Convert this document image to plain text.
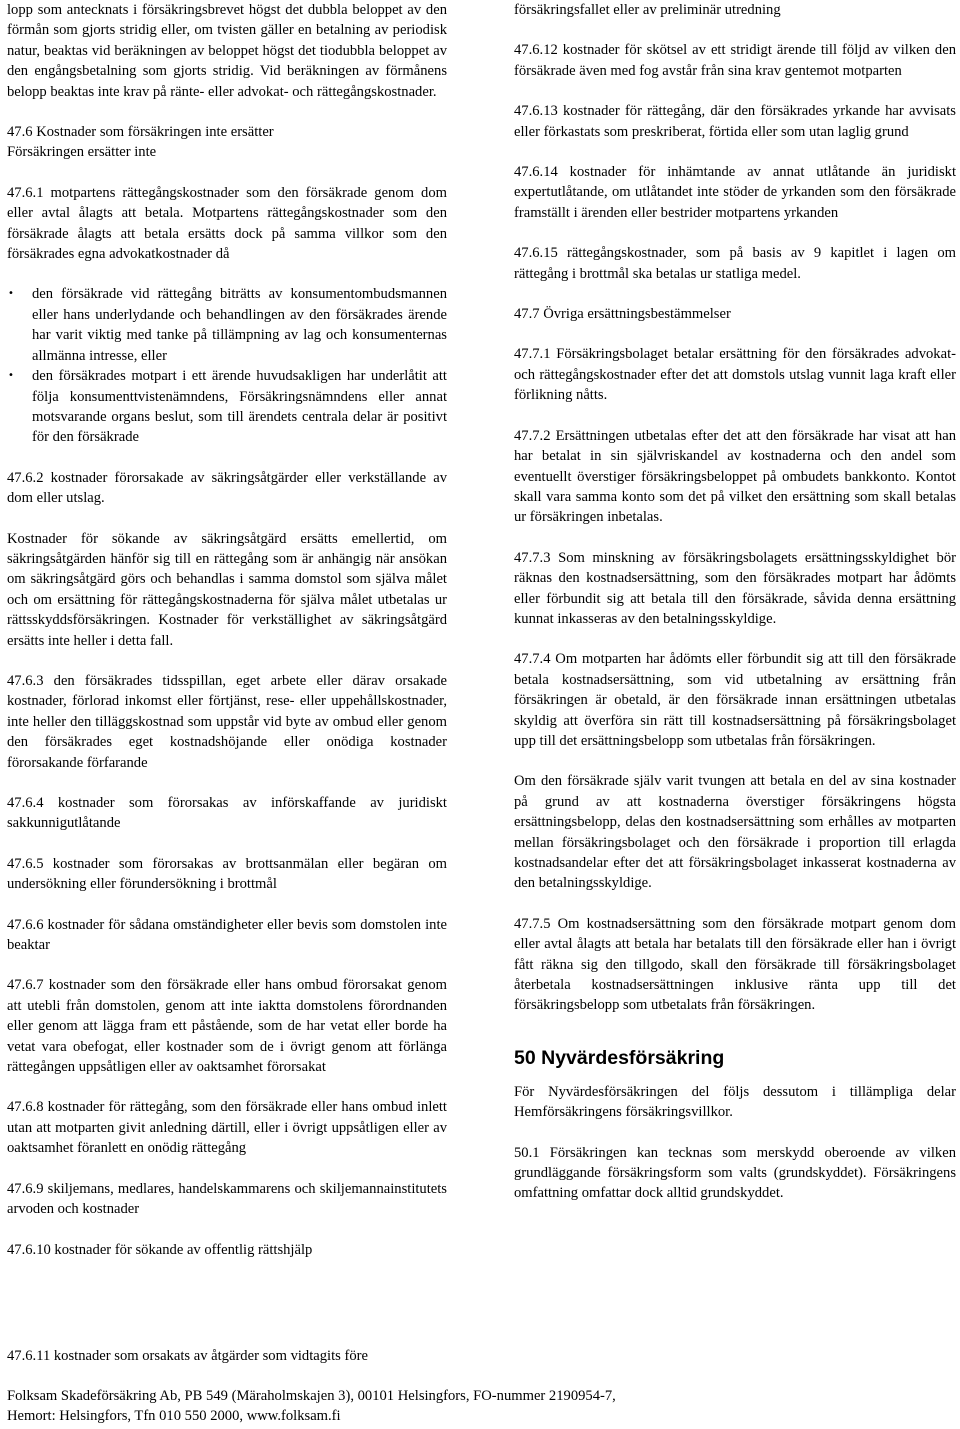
lopp som antecknats i försäkringsbrevet högst det dubbla beloppet av den förmån som gjorts stridig eller, om tvisten gäller en betalning av periodisk natur, beaktas vid beräkningen av beloppet högst det tiodubbla beloppet av den engångsbetalning som gjorts stridig. Vid beräkningen av förmånens belopp beaktas inte krav på ränte- eller advokat- och rättegångskostnader.

47.6 Kostnader som försäkringen inte ersätter

Försäkringen ersätter inte

47.6.1 motpartens rättegångskostnader som den försäkrade genom dom eller avtal ålagts att betala. Motpartens rättegångskostnader som den försäkrade ålagts att betala ersätts dock på samma villkor som den försäkrades egna advokatkostnader då

• den försäkrade vid rättegång biträtts av konsumentombudsmannen eller hans underlydande och behandlingen av den försäkrades ärende har varit viktig med tanke på tillämpning av lag och konsumenternas allmänna intresse, eller
• den försäkrades motpart i ett ärende huvudsakligen har underlåtit att följa konsumenttvistenämndens, Försäkringsnämndens eller annat motsvarande organs beslut, som till ärendets centrala delar är positivt för den försäkrade

47.6.2 kostnader förorsakade av säkringsåtgärder eller verkställande av dom eller utslag.

Kostnader för sökande av säkringsåtgärd ersätts emellertid, om säkringsåtgärden hänför sig till en rättegång som är anhängig när ansökan om säkringsåtgärd görs och behandlas i samma domstol som själva målet och om ersättning för rättegångskostnaderna för själva målet utbetalas ur rättsskyddsförsäkringen. Kostnader för verkställighet av säkringsåtgärd ersätts inte heller i detta fall.

47.6.3 den försäkrades tidsspillan, eget arbete eller därav orsakade kostnader, förlorad inkomst eller förtjänst, rese- eller uppehållskostnader, inte heller den tilläggskostnad som uppstår vid byte av ombud eller genom den försäkrades eget kostnadshöjande eller onödiga kostnader förorsakande förfarande

47.6.4 kostnader som förorsakas av införskaffande av juridiskt sakkunnigutlåtande

47.6.5 kostnader som förorsakas av brottsanmälan eller begäran om undersökning eller förundersökning i brottmål

47.6.6 kostnader för sådana omständigheter eller bevis som domstolen inte beaktar

47.6.7 kostnader som den försäkrade eller hans ombud förorsakat genom att utebli från domstolen, genom att inte iaktta domstolens förordnanden eller genom att lägga fram ett påstående, som de har vetat eller borde ha vetat vara obefogat, eller kostnader som de i övrigt genom att förlänga rättegången uppsåtligen eller av oaktsamhet förorsakat

47.6.8 kostnader för rättegång, som den försäkrade eller hans ombud inlett utan att motparten givit anledning därtill, eller i övrigt uppsåtligen eller av oaktsamhet föranlett en onödig rättegång

47.6.9 skiljemans, medlares, handelskammarens och skiljemannainstitutets arvoden och kostnader

47.6.10 kostnader för sökande av offentlig rättshjälp

47.6.11 kostnader som orsakats av åtgärder som vidtagits före

försäkringsfallet eller av preliminär utredning

47.6.12 kostnader för skötsel av ett stridigt ärende till följd av vilken den försäkrade även med fog avstår från sina krav gentemot motparten

47.6.13 kostnader för rättegång, där den försäkrades yrkande har avvisats eller förkastats som preskriberat, förtida eller som utan laglig grund

47.6.14 kostnader för inhämtande av annat utlåtande än juridiskt expertutlåtande, om utlåtandet inte stöder de yrkanden som den försäkrade framställt i ärenden eller bestrider motpartens yrkanden

47.6.15 rättegångskostnader, som på basis av 9 kapitlet i lagen om rättegång i brottmål ska betalas ur statliga medel.

47.7 Övriga ersättningsbestämmelser

47.7.1 Försäkringsbolaget betalar ersättning för den försäkrades advokat- och rättegångskostnader efter det att domstols utslag vunnit laga kraft eller förlikning nåtts.

47.7.2 Ersättningen utbetalas efter det att den försäkrade har visat att han har betalat in sin självriskandel av kostnaderna och den andel som eventuellt överstiger försäkringsbeloppet på ombudets bankkonto. Kontot skall vara samma konto som det på vilket den ersättning som skall betalas ur försäkringen inbetalas.

47.7.3 Som minskning av försäkringsbolagets ersättningsskyldighet bör räknas den kostnadsersättning, som den försäkrades motpart har ådömts eller förbundit sig att betala till den försäkrade, såvida denna ersättning kunnat inkasseras av den betalningsskyldige.

47.7.4 Om motparten har ådömts eller förbundit sig att till den försäkrade betala kostnadsersättning, som vid utbetalning av ersättning från försäkringen är obetald, är den försäkrade innan ersättningen utbetalas skyldig att överföra sin rätt till kostnadsersättning på försäkringsbolaget upp till det ersättningsbelopp som utbetalas från försäkringen.

Om den försäkrade själv varit tvungen att betala en del av sina kostnader på grund av att kostnaderna överstiger försäkringens högsta ersättningsbelopp, delas den kostnadsersättning som erhålles av motparten mellan försäkringsbolaget och den försäkrade i proportion till erlagda kostnadsandelar efter det att försäkringsbolaget inkasserat kostnaderna av den betalningsskyldige.

47.7.5 Om kostnadsersättning som den försäkrade motpart genom dom eller avtal ålagts att betala har betalats till den försäkrade eller han i övrigt fått räkna sig den tillgodo, skall den försäkrade till försäkringsbolaget återbetala kostnadsersättningen inklusive ränta upp till det försäkringsbelopp som utbetalats från försäkringen.

50 Nyvärdesförsäkring

För Nyvärdesförsäkringen del följs dessutom i tillämpliga delar Hemförsäkringens försäkringsvillkor.

50.1 Försäkringen kan tecknas som merskydd oberoende av vilken grundläggande försäkringsform som valts (grundskyddet). Försäkringens omfattning omfattar dock alltid grundskyddet.

Folksam Skadeförsäkring Ab, PB 549 (Märaholmskajen 3), 00101 Helsingfors, FO-nummer 2190954-7,
Hemort: Helsingfors, Tfn 010 550 2000, www.folksam.fi
